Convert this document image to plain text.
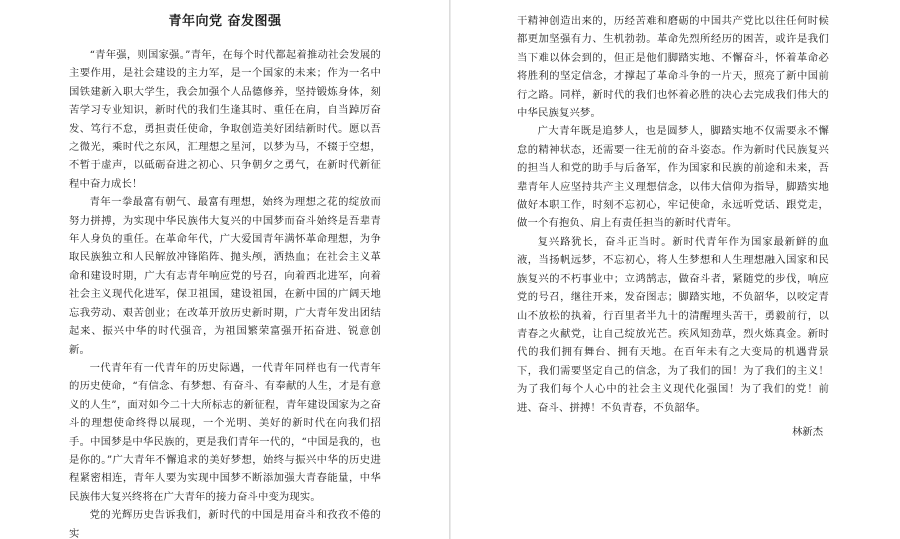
青年向党 奋发图强

“青年强，则国家强。”青年，在每个时代都起着推动社会发展的主要作用，是社会建设的主力军，是一个国家的未来；作为一名中国铁建新入职大学生，我会加强个人品德修养，坚持锻炼身体，刻苦学习专业知识，新时代的我们生逢其时、重任在肩，自当踔厉奋发、笃行不怠，勇担责任使命，争取创造美好团结新时代。愿以吾之微光，乘时代之东风，汇理想之星河，以梦为马，不辍于空想，不暂于虚声，以砥砺奋进之初心、只争朝夕之勇气，在新时代新征程中奋力成长！

青年一拳最富有朝气、最富有理想，始终为理想之花的绽放而努力拼搏，为实现中华民族伟大复兴的中国梦而奋斗始终是吾辈青年人身负的重任。在革命年代，广大爱国青年满怀革命理想，为争取民族独立和人民解放冲锋陷阵、抛头颅，洒热血；在社会主义革命和建设时期，广大有志青年响应党的号召，向着西北进军，向着社会主义现代化进军，保卫祖国，建设祖国，在新中国的广阔天地忘我劳动、艰苦创业；在改革开放历史新时期，广大青年发出团结起来、振兴中华的时代强音，为祖国繁荣富强开拓奋进、锐意创新。

一代青年有一代青年的历史际遇，一代青年同样也有一代青年的历史使命，“有信念、有梦想、有奋斗、有奉献的人生，才是有意义的人生”，面对如今二十大所标志的新征程，青年建设国家为之奋斗的理想使命终得以展现，一个光明、美好的新时代在向我们招手。中国梦是中华民族的，更是我们青年一代的，“中国是我的，也是你的。”广大青年不懈追求的美好梦想，始终与振兴中华的历史进程紧密相连，青年人要为实现中国梦不断添加强大青春能量，中华民族伟大复兴终将在广大青年的接力奋斗中变为现实。

党的光辉历史告诉我们，新时代的中国是用奋斗和孜孜不倦的实

干精神创造出来的，历经苦难和磨砺的中国共产党比以往任何时候都更加坚强有力、生机勃勃。革命先烈所经历的困苦，或许是我们当下难以体会到的，但正是他们脚踏实地、不懈奋斗，怀着革命必将胜利的坚定信念，才撑起了革命斗争的一片天，照亮了新中国前行之路。同样，新时代的我们也怀着必胜的决心去完成我们伟大的中华民族复兴梦。

广大青年既是追梦人，也是圆梦人，脚踏实地不仅需要永不懈怠的精神状态，还需要一往无前的奋斗姿态。作为新时代民族复兴的担当人和党的助手与后备军，作为国家和民族的前途和未来，吾辈青年人应坚持共产主义理想信念，以伟大信仰为指导，脚踏实地做好本职工作，时刻不忘初心，牢记使命，永远听党话、跟党走，做一个有抱负、肩上有责任担当的新时代青年。

复兴路犹长，奋斗正当时。新时代青年作为国家最新鲜的血液，当扬帆远梦，不忘初心，将人生梦想和人生理想融入国家和民族复兴的不朽事业中；立鸿鹄志，做奋斗者，紧随党的步伐，响应党的号召，继往开来，发奋图志；脚踏实地，不负韶华，以咬定青山不放松的执着，行百里者半九十的清醒埋头苦干，勇毅前行，以青春之火献党，让自己绽放光芒。疾风知劲草，烈火炼真金。新时代的我们拥有舞台、拥有天地。在百年未有之大变局的机遇背景下，我们需要坚定自己的信念，为了我们的国！为了我们的主义！为了我们每个人心中的社会主义现代化强国！为了我们的党！前进、奋斗、拼搏！不负青春，不负韶华。

林新杰
